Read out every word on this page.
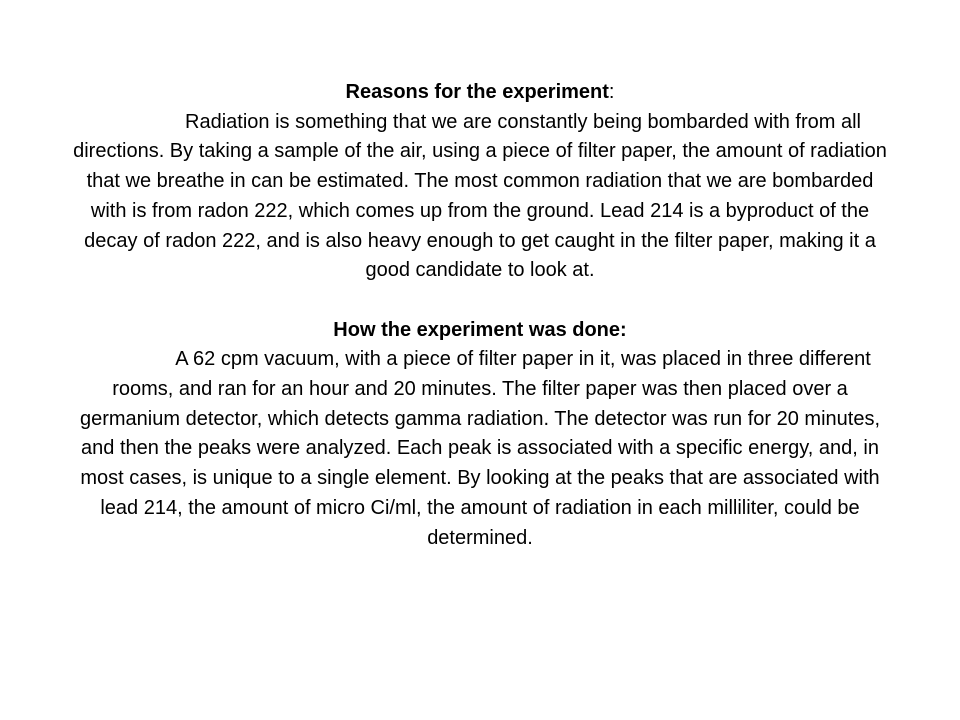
Reasons for the experiment:

Radiation is something that we are constantly being bombarded with from all directions. By taking a sample of the air, using a piece of filter paper, the amount of radiation that we breathe in can be estimated. The most common radiation that we are bombarded with is from radon 222, which comes up from the ground. Lead 214 is a byproduct of the decay of radon 222, and is also heavy enough to get caught in the filter paper, making it a good candidate to look at.

How the experiment was done:

A 62 cpm vacuum, with a piece of filter paper in it, was placed in three different rooms, and ran for an hour and 20 minutes. The filter paper was then placed over a germanium detector, which detects gamma radiation. The detector was run for 20 minutes, and then the peaks were analyzed. Each peak is associated with a specific energy, and, in most cases, is unique to a single element. By looking at the peaks that are associated with lead 214, the amount of micro Ci/ml, the amount of radiation in each milliliter, could be determined.
